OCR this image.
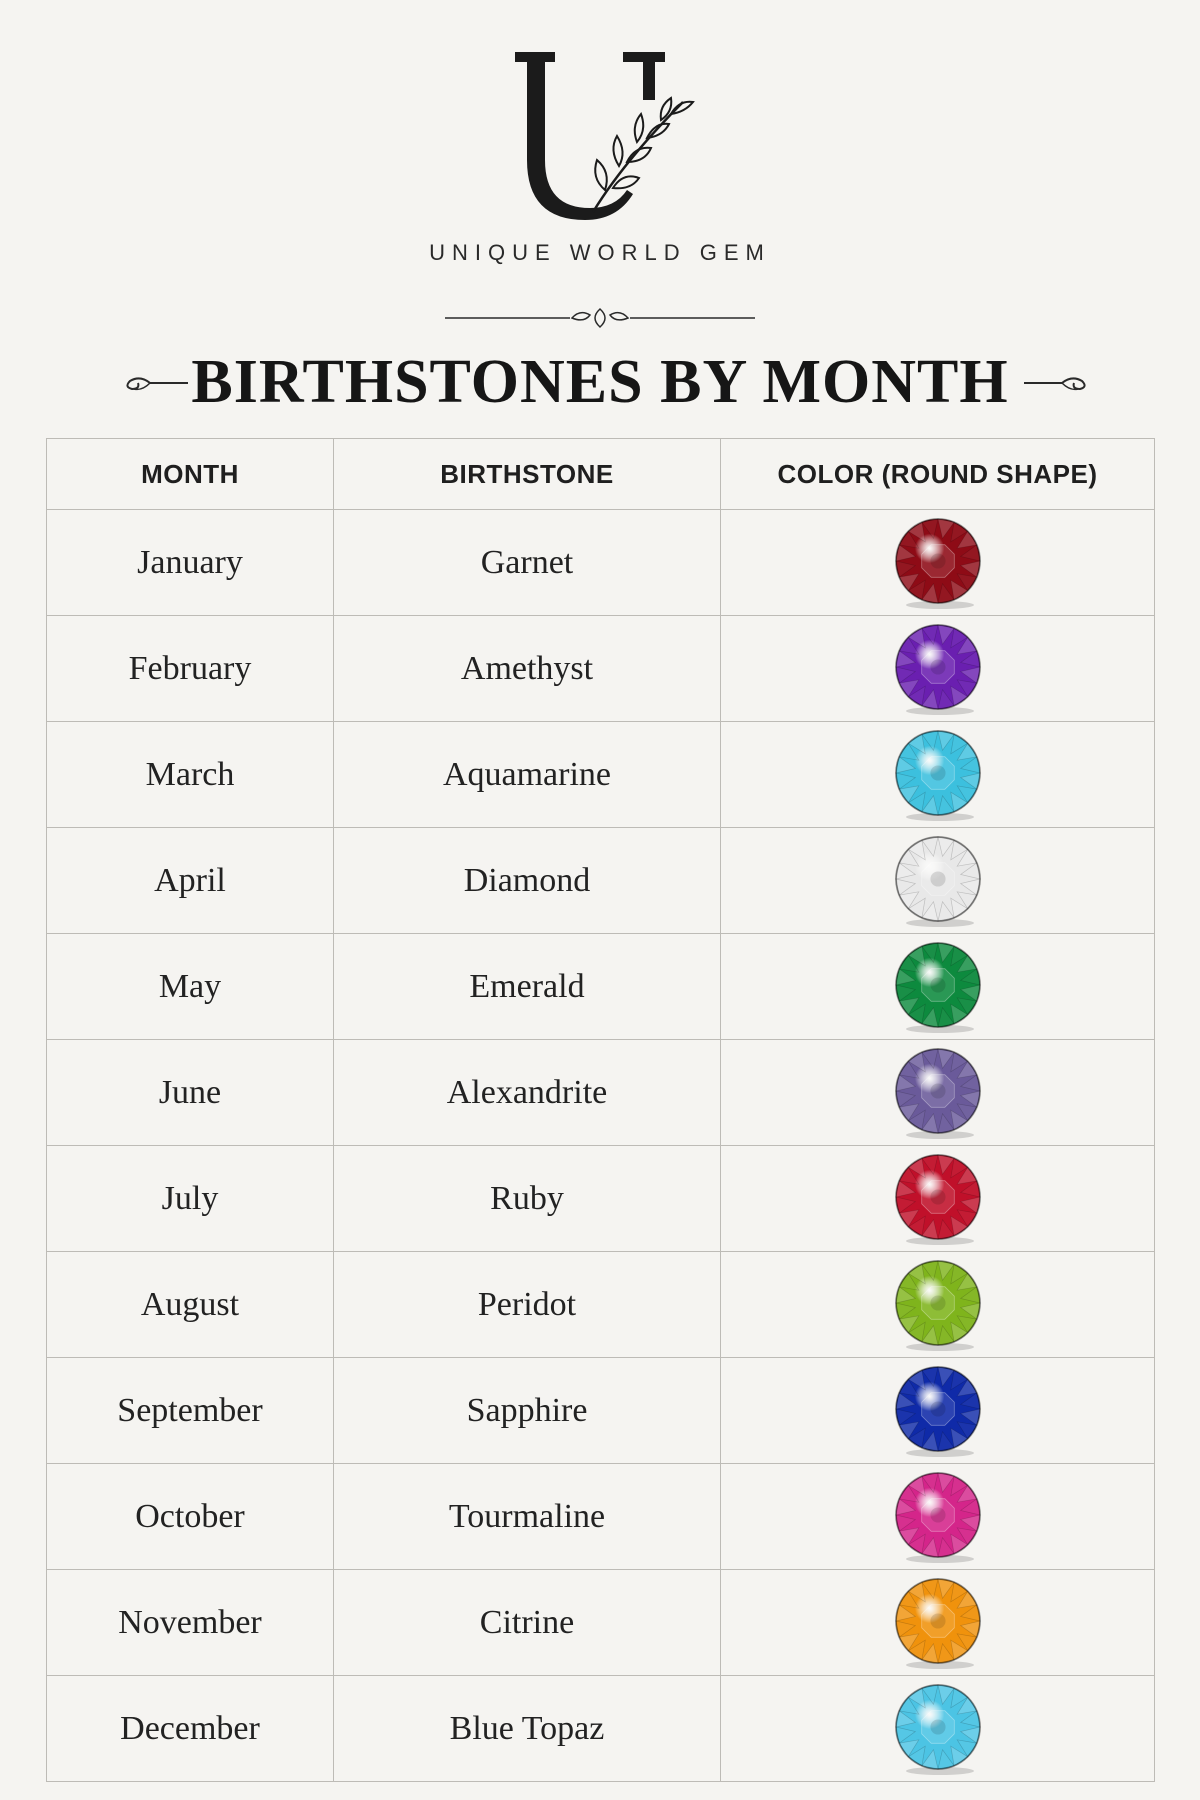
UNIQUE WORLD GEM
BIRTHSTONES BY MONTH
MONTH	BIRTHSTONE	COLOR (ROUND SHAPE)
January	Garnet	

February	Amethyst	

March	Aquamarine	

April	Diamond	

May	Emerald	

June	Alexandrite	

July	Ruby	

August	Peridot	

September	Sapphire	

October	Tourmaline	

November	Citrine	

December	Blue Topaz	
